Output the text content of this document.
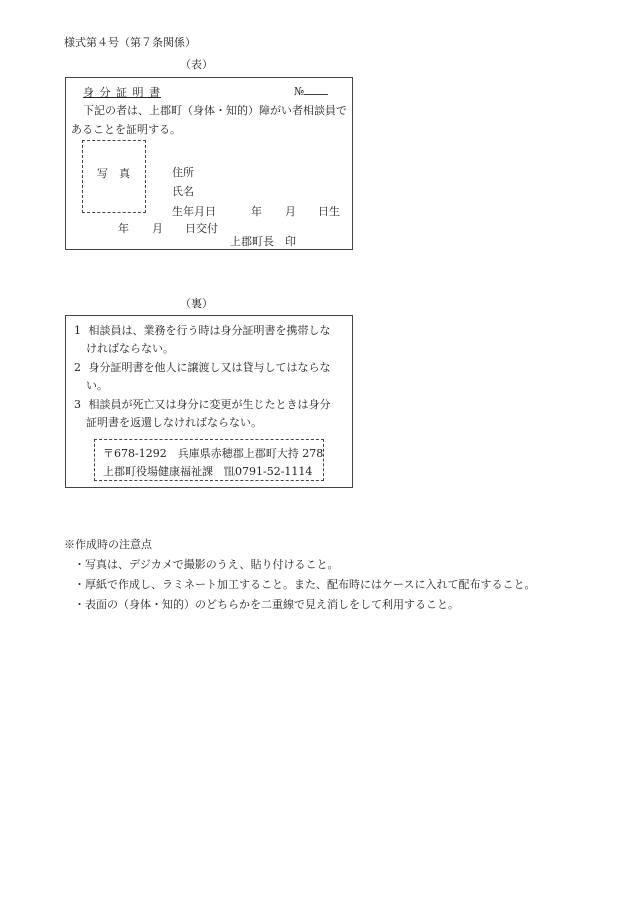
様式第４号（第７条関係）
（表）
身 分 証 明 書	№
下記の者は、上郡町（身体・知的）障がい者相談員で
あることを証明する。
写　真	住所
氏名
生年月日	年 月 日生
年 月 日交付
上郡町長　印
（裏）
1 相談員は、業務を行う時は身分証明書を携帯しな
ければならない。
2 身分証明書を他人に譲渡し又は貸与してはならな
い。
3 相談員が死亡又は身分に変更が生じたときは身分
証明書を返還しなければならない。
〒678-1292　兵庫県赤穂郡上郡町大持 278
上郡町役場健康福祉課　℡0791-52-1114
※作成時の注意点
・写真は、デジカメで撮影のうえ、貼り付けること。
・厚紙で作成し、ラミネート加工すること。また、配布時にはケースに入れて配布すること。
・表面の（身体・知的）のどちらかを二重線で見え消しをして利用すること。
